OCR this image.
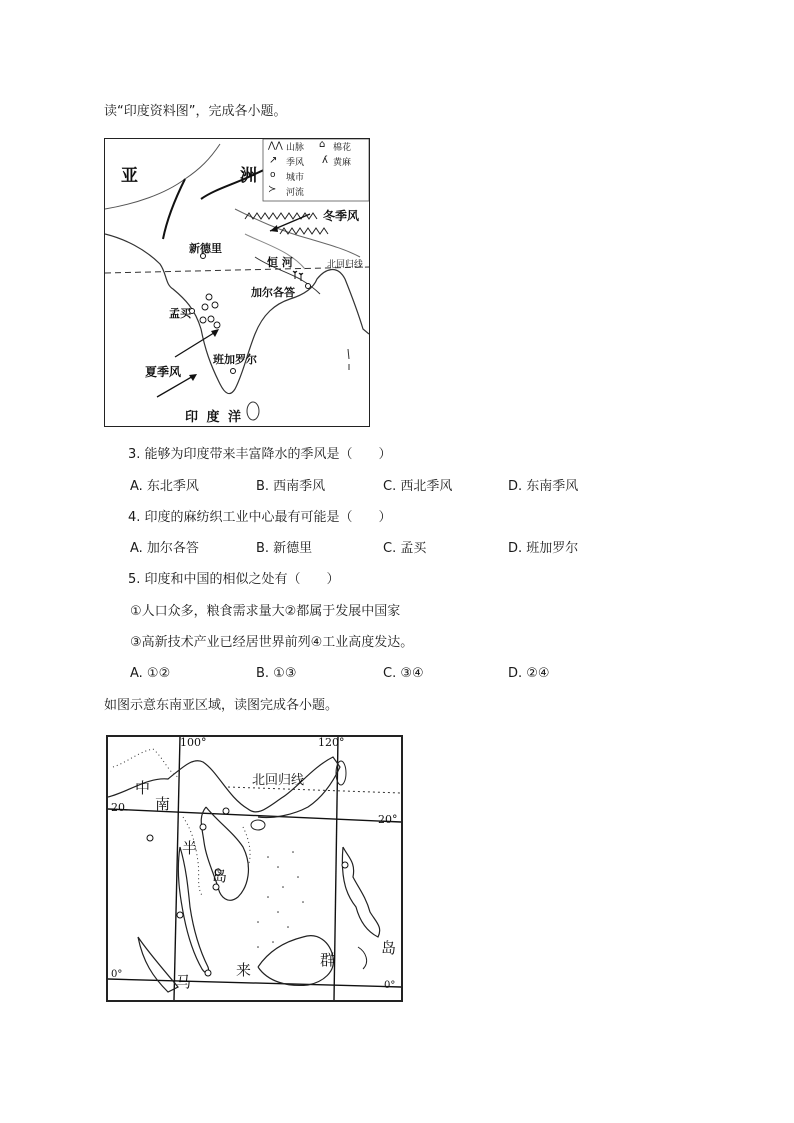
读“印度资料图”，完成各小题。
⋀⋀ 山脉 ⌂ 棉花
↗ 季风 ʎ 黄麻
o 城市
≻ 河流
亚	洲
冬季风
新德里
恒 河	北回归线
加尔各答
孟买
班加罗尔
夏季风
印 度 洋
3. 能够为印度带来丰富降水的季风是（　　）
A. 东北季风	B. 西南季风	C. 西北季风	D. 东南季风
4. 印度的麻纺织工业中心最有可能是（　　）
A. 加尔各答	B. 新德里	C. 孟买	D. 班加罗尔
5. 印度和中国的相似之处有（　　）
①人口众多，粮食需求量大②都属于发展中国家
③高新技术产业已经居世界前列④工业高度发达。
A. ①②	B. ①③	C. ③④	D. ②④
如图示意东南亚区域，读图完成各小题。
100°	120°
北回归线
中
南
20
20°
半
岛
岛
群
来
马
0°
0°
